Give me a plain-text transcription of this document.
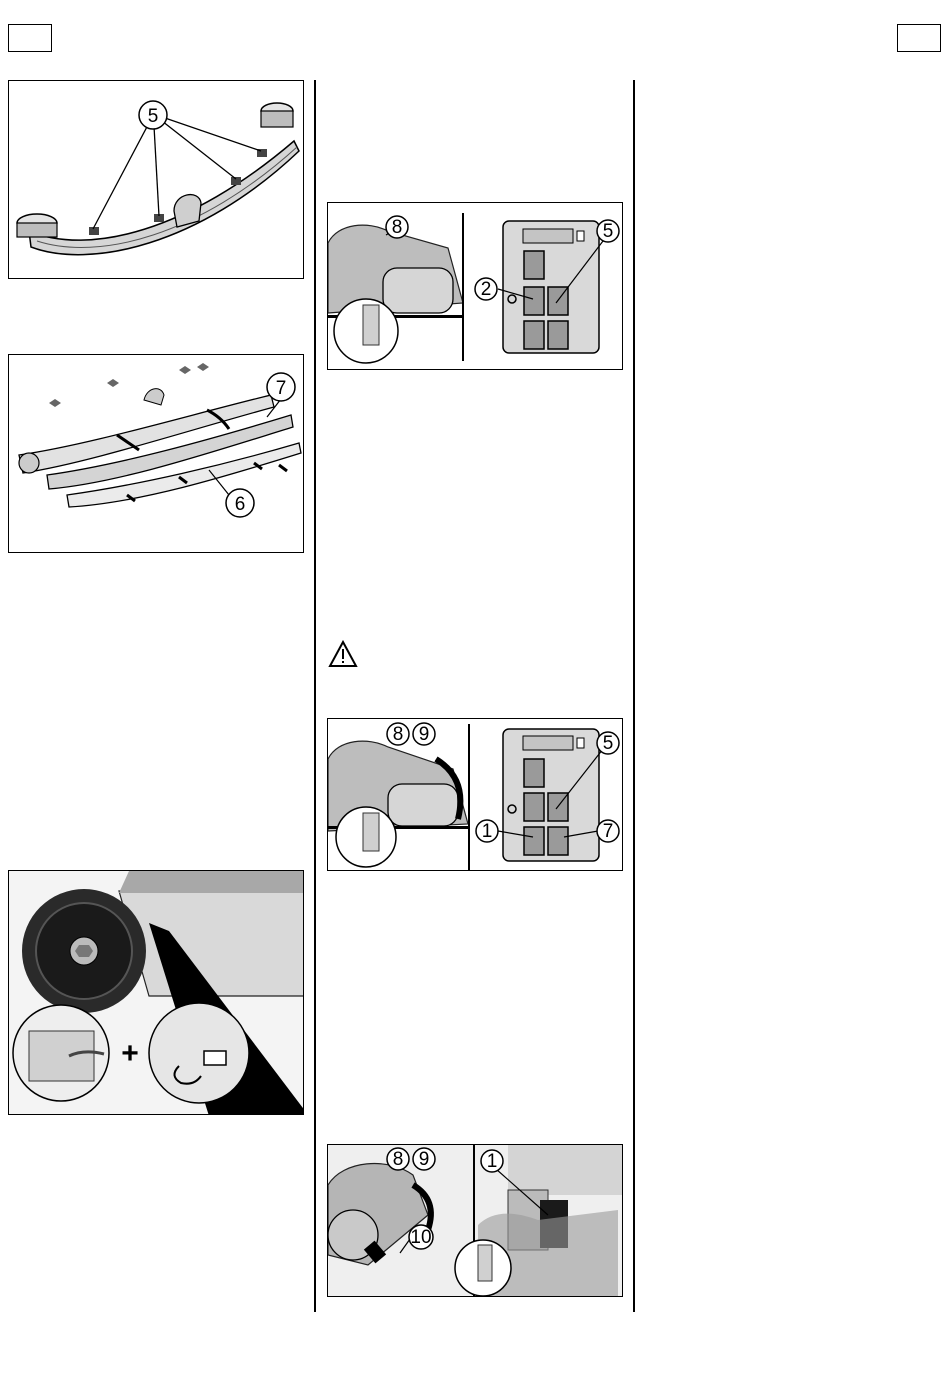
5
7
6
+
8
2
5
8 9	5
1	7
8 9
10
1
